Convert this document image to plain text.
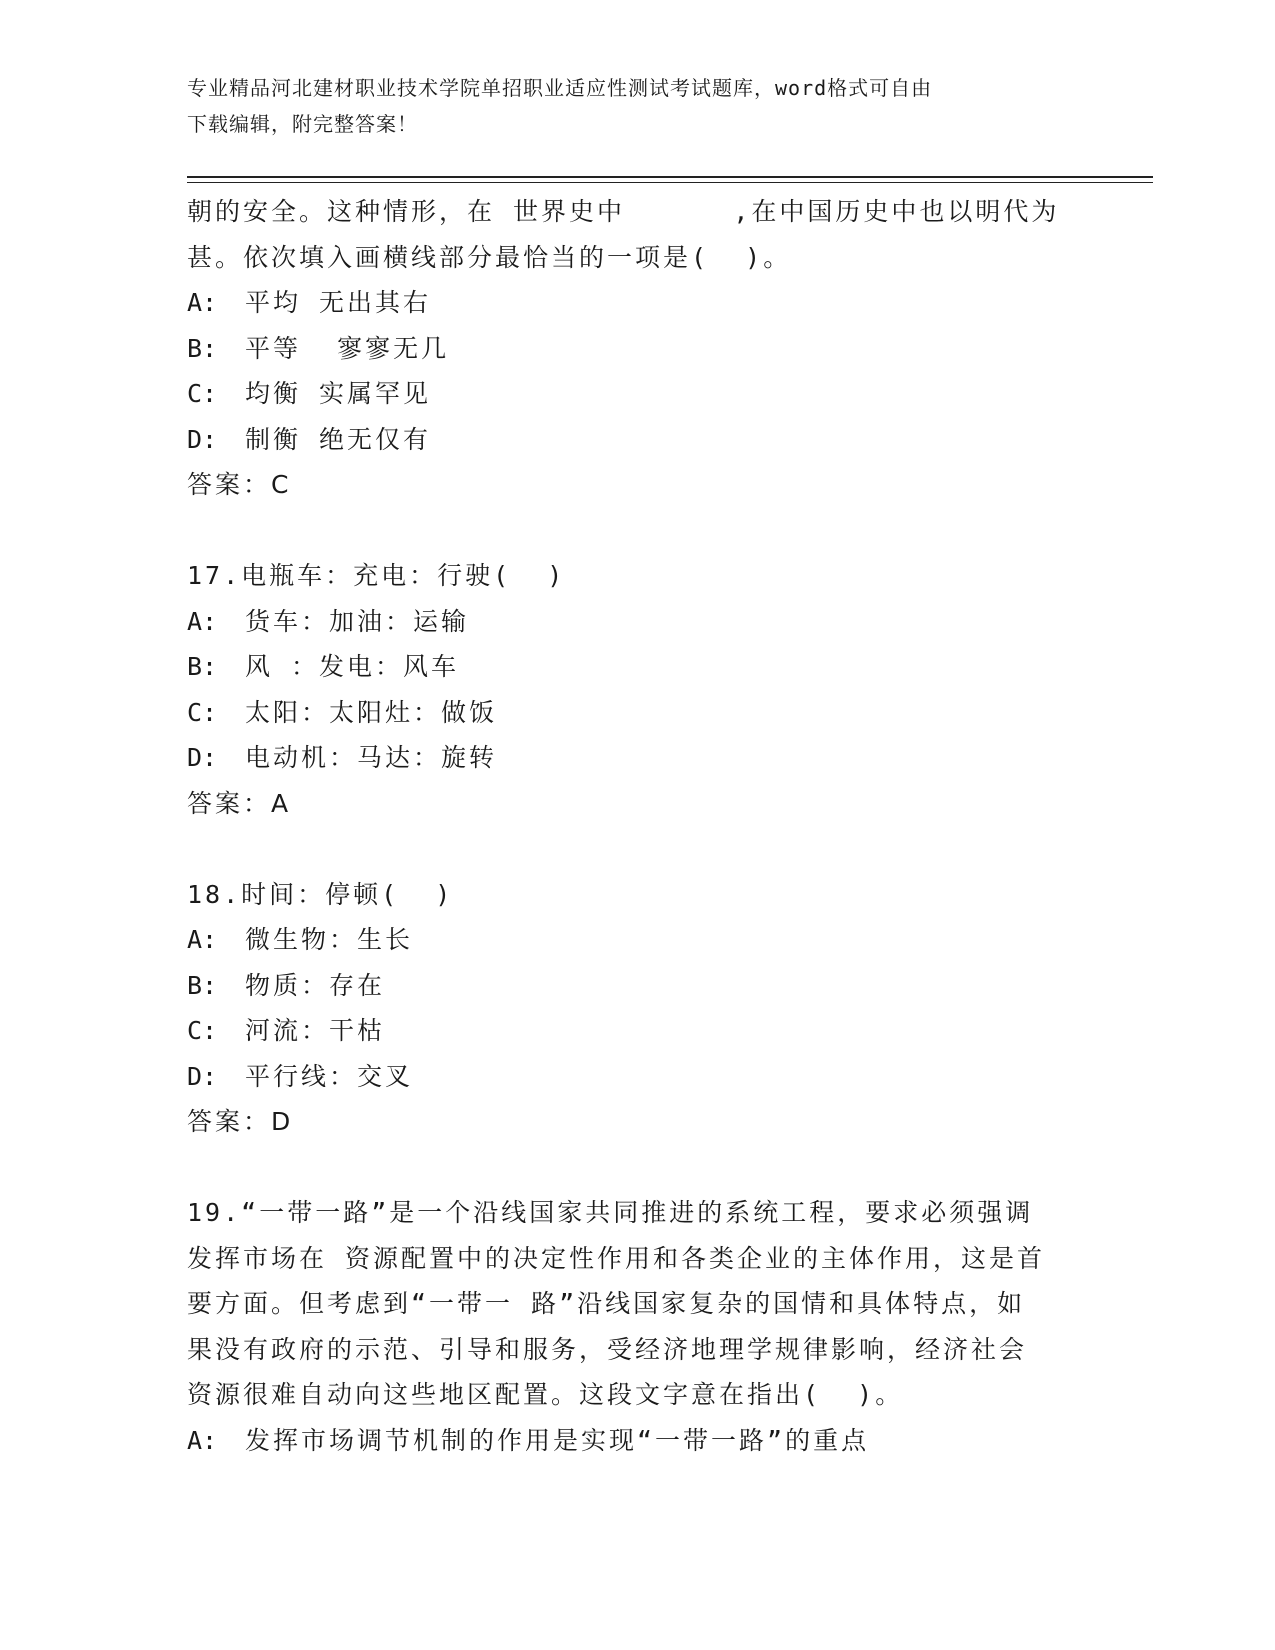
专业精品河北建材职业技术学院单招职业适应性测试考试题库，word格式可自由
下载编辑，附完整答案！
朝的安全。这种情形，在 世界史中      ,在中国历史中也以明代为
甚。依次填入画横线部分最恰当的一项是(  )。
A:	平均 无出其右
B:	平等  寥寥无几
C:	均衡 实属罕见
D:	制衡 绝无仅有
答案：C
17.电瓶车：充电：行驶(  )
A:	货车：加油：运输
B:	风 ：发电：风车
C:	太阳：太阳灶：做饭
D:	电动机：马达：旋转
答案：A
18.时间：停顿(  )
A:	微生物：生长
B:	物质：存在
C:	河流：干枯
D:	平行线：交叉
答案：D
19.“一带一路”是一个沿线国家共同推进的系统工程，要求必须强调
发挥市场在 资源配置中的决定性作用和各类企业的主体作用，这是首
要方面。但考虑到“一带一 路”沿线国家复杂的国情和具体特点，如
果没有政府的示范、引导和服务，受经济地理学规律影响，经济社会
资源很难自动向这些地区配置。这段文字意在指出(  )。
A:	发挥市场调节机制的作用是实现“一带一路”的重点
